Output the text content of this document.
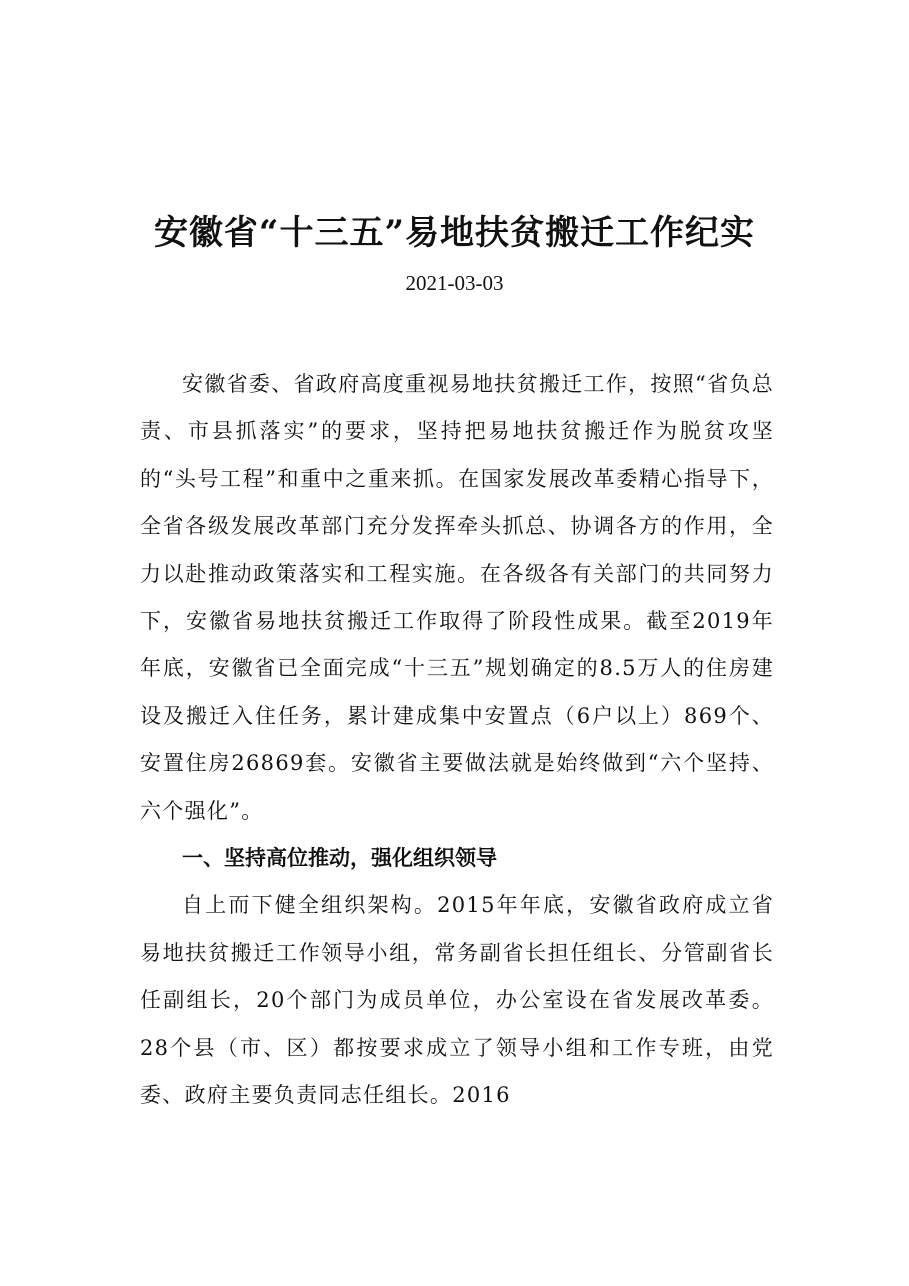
安徽省“十三五”易地扶贫搬迁工作纪实
2021-03-03

安徽省委、省政府高度重视易地扶贫搬迁工作，按照“省负总责、市县抓落实”的要求，坚持把易地扶贫搬迁作为脱贫攻坚的“头号工程”和重中之重来抓。在国家发展改革委精心指导下，全省各级发展改革部门充分发挥牵头抓总、协调各方的作用，全力以赴推动政策落实和工程实施。在各级各有关部门的共同努力下，安徽省易地扶贫搬迁工作取得了阶段性成果。截至2019年年底，安徽省已全面完成“十三五”规划确定的8.5万人的住房建设及搬迁入住任务，累计建成集中安置点（6户以上）869个、安置住房26869套。安徽省主要做法就是始终做到“六个坚持、六个强化”。

一、坚持高位推动，强化组织领导

自上而下健全组织架构。2015年年底，安徽省政府成立省易地扶贫搬迁工作领导小组，常务副省长担任组长、分管副省长任副组长，20个部门为成员单位，办公室设在省发展改革委。28个县（市、区）都按要求成立了领导小组和工作专班，由党委、政府主要负责同志任组长。2016
